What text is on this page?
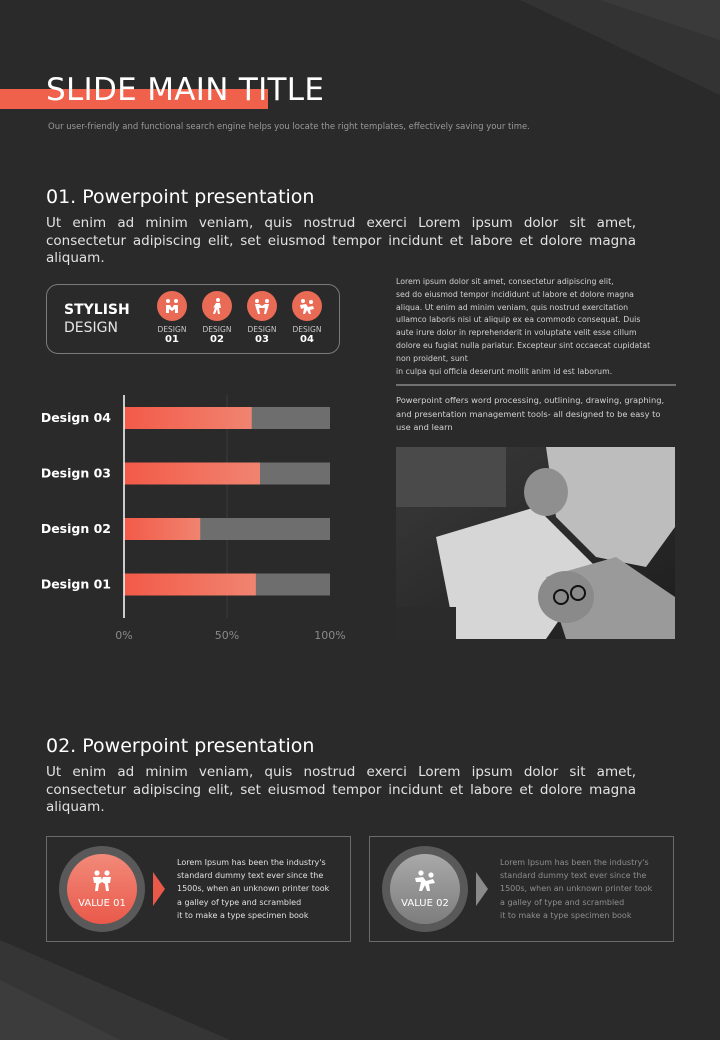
SLIDE MAIN TITLE
Our user-friendly and functional search engine helps you locate the right templates, effectively saving your time.
01. Powerpoint presentation
Ut enim ad minim veniam, quis nostrud exerci Lorem ipsum dolor sit amet, consectetur adipiscing elit, set eiusmod tempor incidunt et labore et dolore magna aliquam.
STYLISH
DESIGN	DESIGN
01
DESIGN
02
DESIGN
03
DESIGN
04
Lorem ipsum dolor sit amet, consectetur adipiscing elit,
sed do eiusmod tempor incididunt ut labore et dolore magna
aliqua. Ut enim ad minim veniam, quis nostrud exercitation
ullamco laboris nisi ut aliquip ex ea commodo consequat. Duis
aute irure dolor in reprehenderit in voluptate velit esse cillum
dolore eu fugiat nulla pariatur. Excepteur sint occaecat cupidatat
non proident, sunt
in culpa qui officia deserunt mollit anim id est laborum.
Powerpoint offers word processing, outlining, drawing, graphing, and presentation management tools- all designed to be easy to use and learn
Design 04
Design 03
Design 02
Design 01
0%	50%	100%
02. Powerpoint presentation
Ut enim ad minim veniam, quis nostrud exerci Lorem ipsum dolor sit amet, consectetur adipiscing elit, set eiusmod tempor incidunt et labore et dolore magna aliquam.
VALUE 01
Lorem Ipsum has been the industry's
standard dummy text ever since the
1500s, when an unknown printer took
a galley of type and scrambled
it to make a type specimen book
VALUE 02
Lorem Ipsum has been the industry's
standard dummy text ever since the
1500s, when an unknown printer took
a galley of type and scrambled
it to make a type specimen book
